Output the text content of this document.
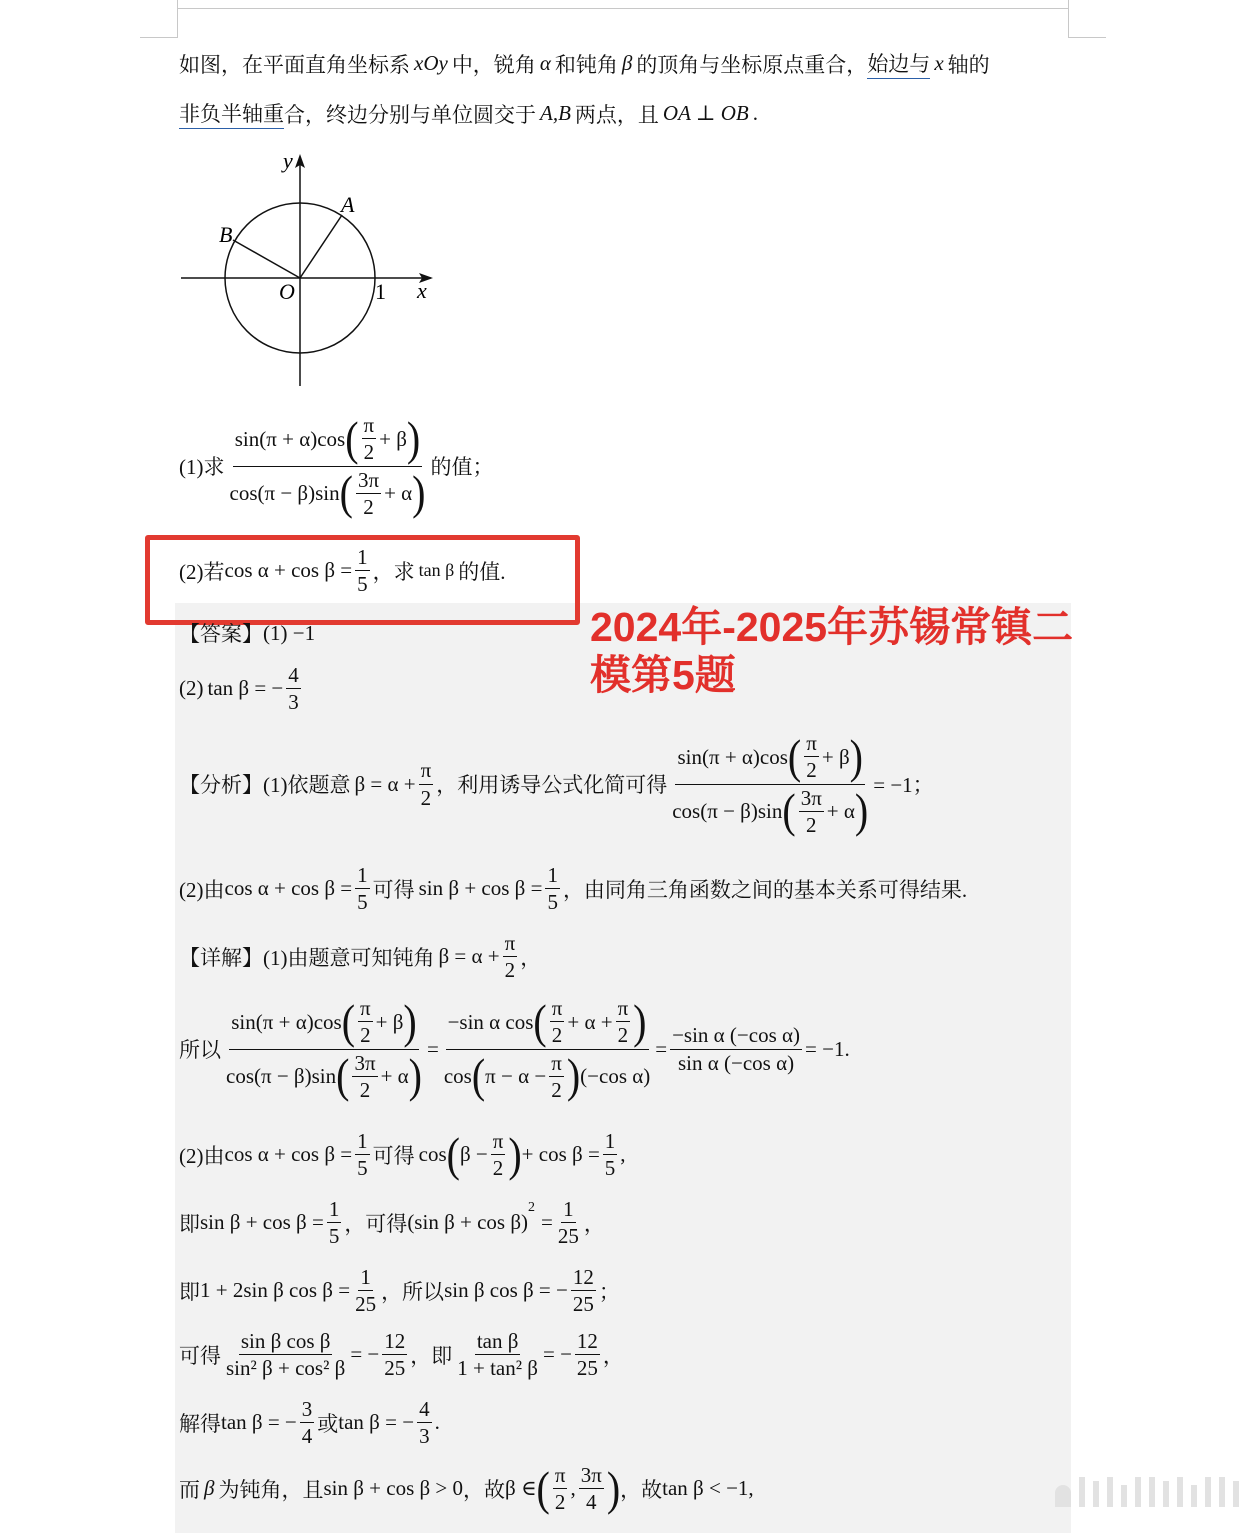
如图，在平面直角坐标系 xOy 中，锐角 α 和钝角 β 的顶角与坐标原点重合， 始边与 x 轴的
非负半轴重 合，终边分别与单位圆交于 A,B 两点，且 OA ⊥ OB .
y
x
O	1
A
B
(1)求 $\frac{\sin(\pi + \alpha)\cos ( \frac{\pi}{2} + \beta )}{\cos(\pi - \beta)\sin ( \frac{3\pi}{2} + \alpha )}$ 的值；
(2)若 $\cos \alpha + \cos \beta = \frac{1}{5}$ ，求 tan β 的值.
2024年-2025年苏锡常镇二
模第5题
【答案】 (1) −1
(2) tan β = − $\frac{4}{3}$
【分析】 (1)依题意 $\beta = \alpha + \frac{\pi}{2}$ ，利用诱导公式化简可得 $\frac{\sin(\pi + \alpha)\cos ( \frac{\pi}{2} + \beta )}{\cos(\pi - \beta)\sin ( \frac{3\pi}{2} + \alpha )} = -1$；
(2)由 $\cos \alpha + \cos \beta = \frac{1}{5}$ 可得 $\sin \beta + \cos \beta = \frac{1}{5}$ ，由同角三角函数之间的基本关系可得结果.
【详解】 (1)由题意可知钝角 $\beta = \alpha + \frac{\pi}{2}$ ，
所以 $\frac{\sin(\pi + \alpha)\cos ( \frac{\pi}{2} + \beta )}{\cos(\pi - \beta)\sin ( \frac{3\pi}{2} + \alpha )} = \frac{-\sin \alpha \cos ( \frac{\pi}{2} + \alpha + \frac{\pi}{2} )}{\cos ( \pi - \alpha - \frac{\pi}{2} ) (-\cos \alpha)} = \frac{\text{−sin α (−cos α)}}{\text{sin α (−cos α)}} = -1$.
(2)由 $\cos \alpha + \cos \beta = \frac{1}{5}$ 可得 cos ( $\beta - \frac{\pi}{2}$ ) + $\cos \beta = \frac{1}{5}$ ,
即 $\sin \beta + \cos \beta = \frac{1}{5}$ ，可得 (sin β + cos β)
$^2$
= $\frac{1}{25}$ ，
即 1 + 2sin β $\cos \beta = \frac{1}{25}$ ，所以 sin β cos β = − $\frac{12}{25}$ ；
可得 $\frac{\text{sin β cos β}}{\text{sin² β + cos² β}}$ = − $\frac{12}{25}$ ，即 $\frac{\text{tan β}}{\text{1 + tan² β}}$ = − $\frac{12}{25}$ ，
解得 tan β = − $\frac{3}{4}$ 或 tan β = − $\frac{4}{3}$ .
而 β 为钝角，且 sin β + cos β > 0 ，故 β ∈ ( $\frac{\pi}{2}$ , $\frac{3\pi}{4}$ ) ，故 tan β < −1,
